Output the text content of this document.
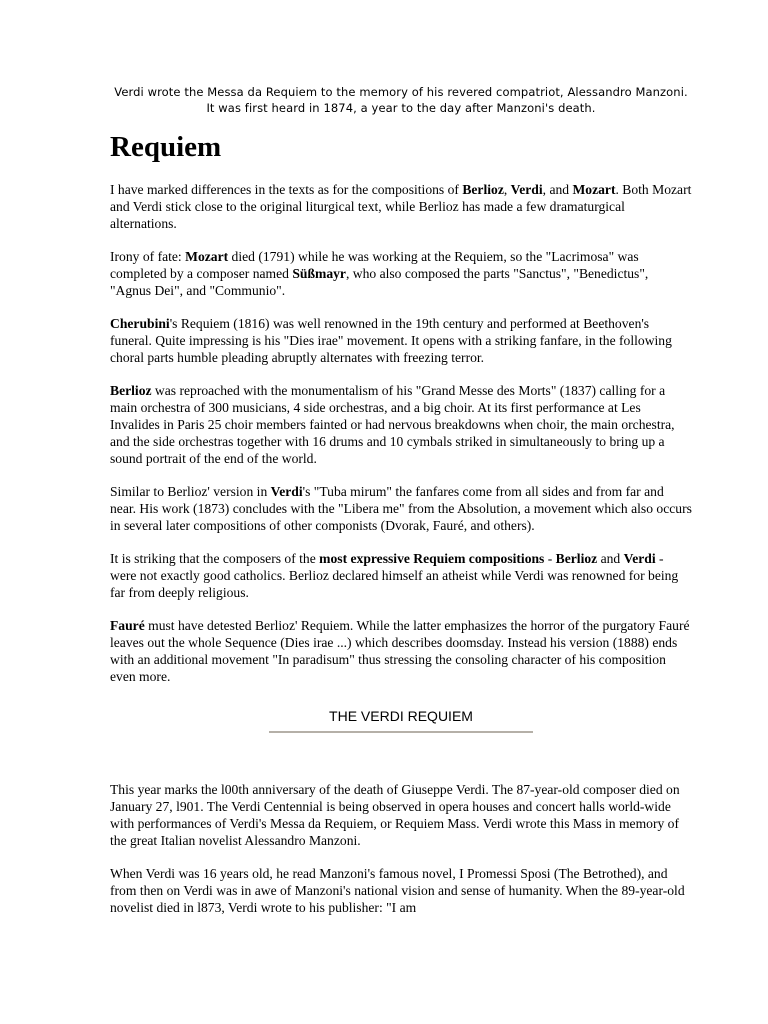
Verdi wrote the Messa da Requiem to the memory of his revered compatriot, Alessandro Manzoni. It was first heard in 1874, a year to the day after Manzoni's death.

Requiem

I have marked differences in the texts as for the compositions of Berlioz, Verdi, and Mozart. Both Mozart and Verdi stick close to the original liturgical text, while Berlioz has made a few dramaturgical alternations.

Irony of fate: Mozart died (1791) while he was working at the Requiem, so the "Lacrimosa" was completed by a composer named Süßmayr, who also composed the parts "Sanctus", "Benedictus", "Agnus Dei", and "Communio".

Cherubini's Requiem (1816) was well renowned in the 19th century and performed at Beethoven's funeral. Quite impressing is his "Dies irae" movement. It opens with a striking fanfare, in the following choral parts humble pleading abruptly alternates with freezing terror.

Berlioz was reproached with the monumentalism of his "Grand Messe des Morts" (1837) calling for a main orchestra of 300 musicians, 4 side orchestras, and a big choir. At its first performance at Les Invalides in Paris 25 choir members fainted or had nervous breakdowns when choir, the main orchestra, and the side orchestras together with 16 drums and 10 cymbals striked in simultaneously to bring up a sound portrait of the end of the world.

Similar to Berlioz' version in Verdi's "Tuba mirum" the fanfares come from all sides and from far and near. His work (1873) concludes with the "Libera me" from the Absolution, a movement which also occurs in several later compositions of other componists (Dvorak, Fauré, and others).

It is striking that the composers of the most expressive Requiem compositions - Berlioz and Verdi - were not exactly good catholics. Berlioz declared himself an atheist while Verdi was renowned for being far from deeply religious.

Fauré must have detested Berlioz' Requiem. While the latter emphasizes the horror of the purgatory Fauré leaves out the whole Sequence (Dies irae ...) which describes doomsday. Instead his version (1888) ends with an additional movement "In paradisum" thus stressing the consoling character of his composition even more.

THE VERDI REQUIEM

This year marks the l00th anniversary of the death of Giuseppe Verdi. The 87-year-old composer died on January 27, l901. The Verdi Centennial is being observed in opera houses and concert halls world-wide with performances of Verdi's Messa da Requiem, or Requiem Mass. Verdi wrote this Mass in memory of the great Italian novelist Alessandro Manzoni.

When Verdi was 16 years old, he read Manzoni's famous novel, I Promessi Sposi (The Betrothed), and from then on Verdi was in awe of Manzoni's national vision and sense of humanity. When the 89-year-old novelist died in l873, Verdi wrote to his publisher: "I am
